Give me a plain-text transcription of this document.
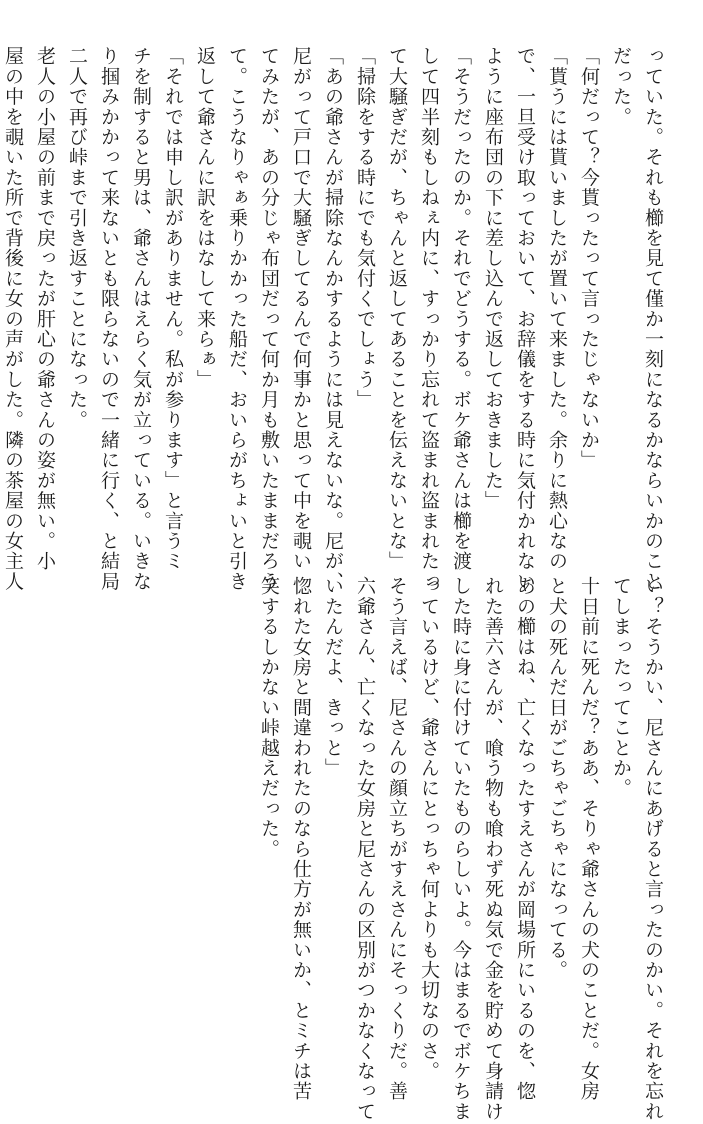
っていた。それも櫛を見て僅か一刻になるかならいかのこと
だった。
「何だって？今貰ったって言ったじゃないか」
「貰うには貰いましたが置いて来ました。余りに熱心なの
で、一旦受け取っておいて、お辞儀をする時に気付かれない
ように座布団の下に差し込んで返しておきました」
「そうだったのか。それでどうする。ボケ爺さんは櫛を渡
して四半刻もしねぇ内に、すっかり忘れて盗まれ盗まれたっ
て大騒ぎだが、ちゃんと返してあることを伝えないとな」
「掃除をする時にでも気付くでしょう」
「あの爺さんが掃除なんかするようには見えないな。尼が、
尼がって戸口で大騒ぎしてるんで何事かと思って中を覗い
てみたが、あの分じゃ布団だって何か月も敷いたままだろう
て。こうなりゃぁ乗りかかった船だ、おいらがちょいと引き
返して爺さんに訳をはなして来らぁ」
「それでは申し訳がありません。私が参ります」と言うミ
チを制すると男は、爺さんはえらく気が立っている。いきな
り掴みかかって来ないとも限らないので一緒に行く、と結局
二人で再び峠まで引き返すことになった。
老人の小屋の前まで戻ったが肝心の爺さんの姿が無い。小
屋の中を覗いた所で背後に女の声がした。隣の茶屋の女主人
い？そうかい、尼さんにあげると言ったのかい。それを忘れ
てしまったってことか。
十日前に死んだ？ああ、そりゃ爺さんの犬のことだ。女房
と犬の死んだ日がごちゃごちゃになってる。
あの櫛はね、亡くなったすえさんが岡場所にいるのを、惚
れた善六さんが、喰う物も喰わず死ぬ気で金を貯めて身請け
した時に身に付けていたものらしいよ。今はまるでボケちま
っているけど、爺さんにとっちゃ何よりも大切なのさ。
そう言えば、尼さんの顔立ちがすえさんにそっくりだ。善
六爺さん、亡くなった女房と尼さんの区別がつかなくなって
いたんだよ、きっと」
惚れた女房と間違われたのなら仕方が無いか、とミチは苦
笑するしかない峠越えだった。
